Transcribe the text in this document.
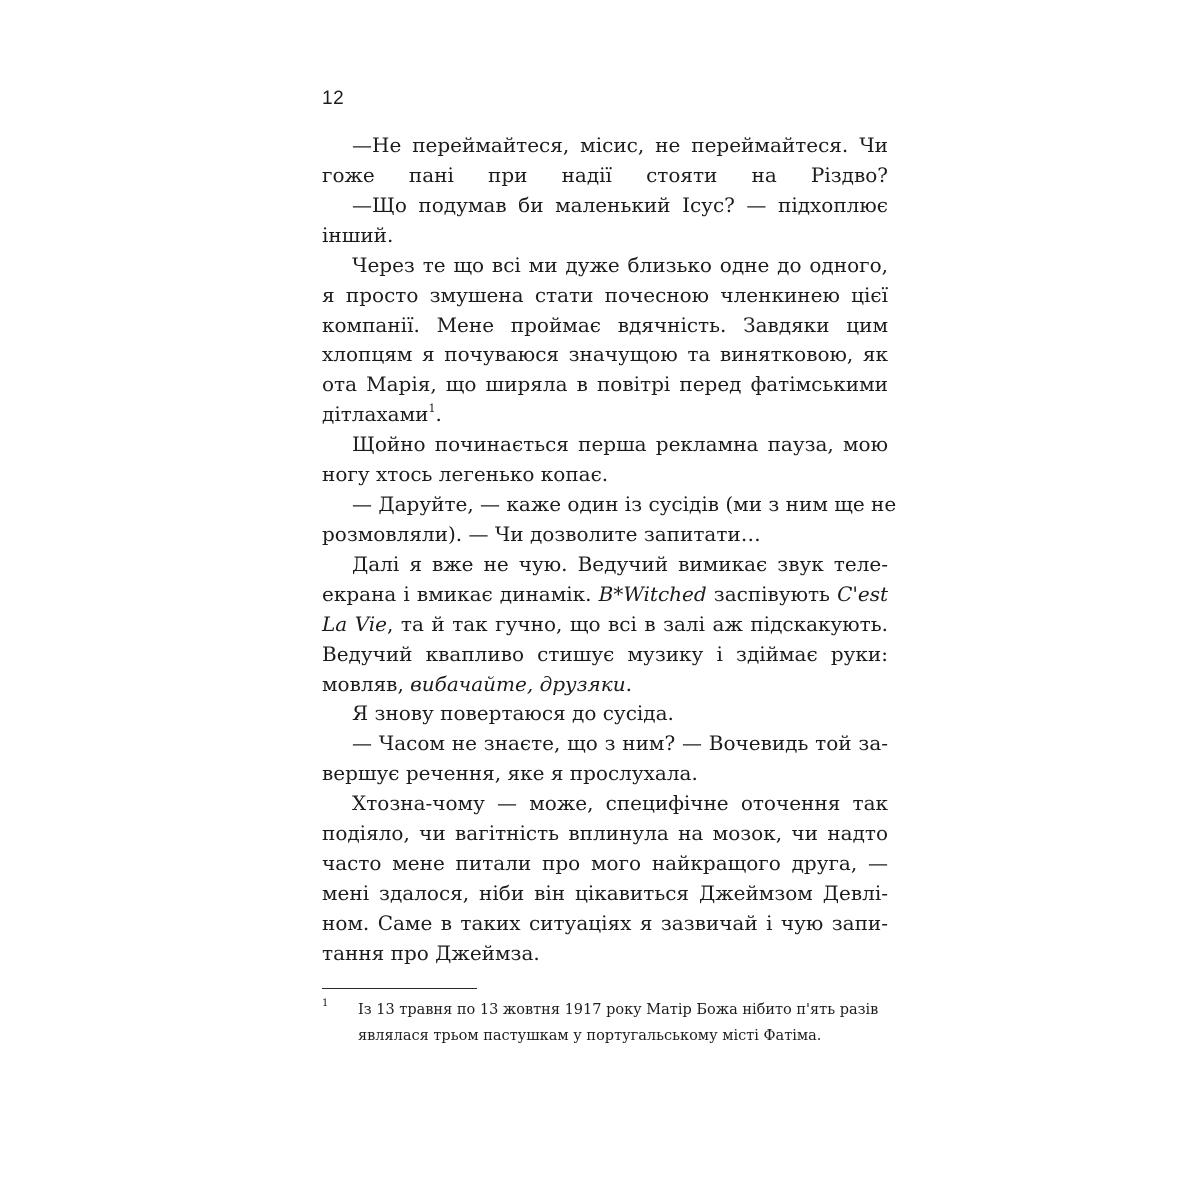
12
—Не переймайтеся, місис, не переймайтеся. Чи
гоже пані при надії стояти на Різдво?
—Що подумав би маленький Ісус? — підхоплює
інший.
Через те що всі ми дуже близько одне до одного,
я просто змушена стати почесною членкинею цієї
компанії. Мене проймає вдячність. Завдяки цим
хлопцям я почуваюся значущою та винятковою, як
ота Марія, що ширяла в повітрі перед фатімськими
дітлахами$^1$.
Щойно починається перша рекламна пауза, мою
ногу хтось легенько копає.
— Даруйте, — каже один із сусідів (ми з ним ще не
розмовляли). — Чи дозволите запитати…
Далі я вже не чую. Ведучий вимикає звук теле-
екрана і вмикає динамік. B*Witched заспівують C'est
La Vie, та й так гучно, що всі в залі аж підскакують.
Ведучий квапливо стишує музику і здіймає руки:
мовляв, вибачайте, друзяки.
Я знову повертаюся до сусіда.
— Часом не знаєте, що з ним? — Вочевидь той за-
вершує речення, яке я прослухала.
Хтозна-чому — може, специфічне оточення так
подіяло, чи вагітність вплинула на мозок, чи надто
часто мене питали про мого найкращого друга, —
мені здалося, ніби він цікавиться Джеймзом Девлі-
ном. Саме в таких ситуаціях я зазвичай і чую запи-
тання про Джеймза.
1 Із 13 травня по 13 жовтня 1917 року Матір Божа нібито п'ять разів
являлася трьом пастушкам у португальському місті Фатіма.
